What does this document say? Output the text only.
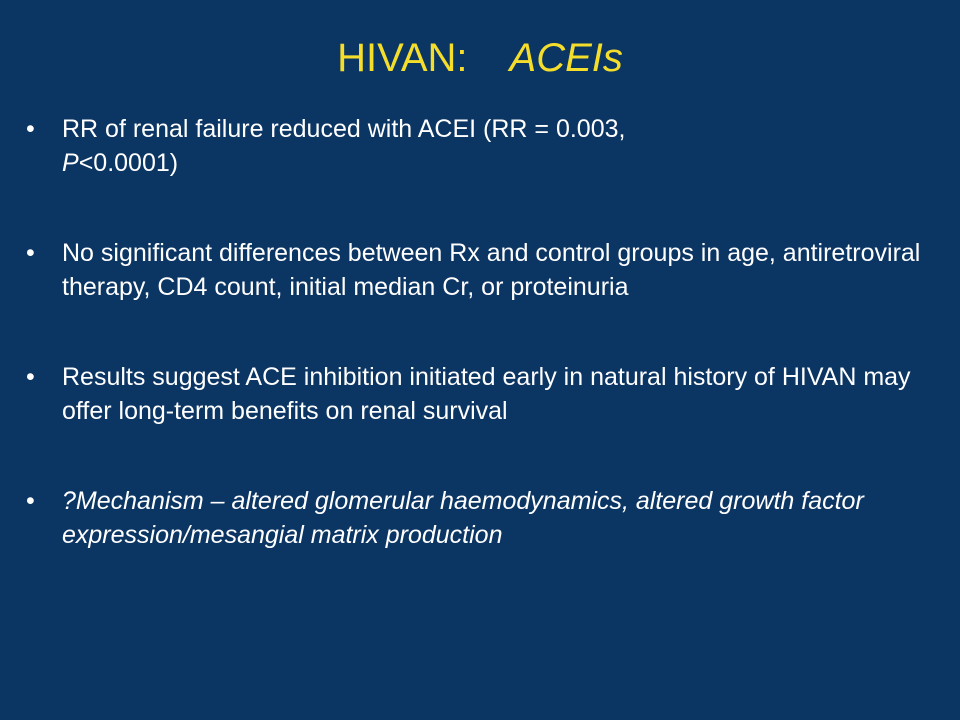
HIVAN: ACEIs
• RR of renal failure reduced with ACEI (RR = 0.003,
P<0.0001)
• No significant differences between Rx and control groups in age, antiretroviral therapy, CD4 count, initial median Cr, or proteinuria
• Results suggest ACE inhibition initiated early in natural history of HIVAN may offer long-term benefits on renal survival
• ?Mechanism – altered glomerular haemodynamics, altered growth factor expression/mesangial matrix production
